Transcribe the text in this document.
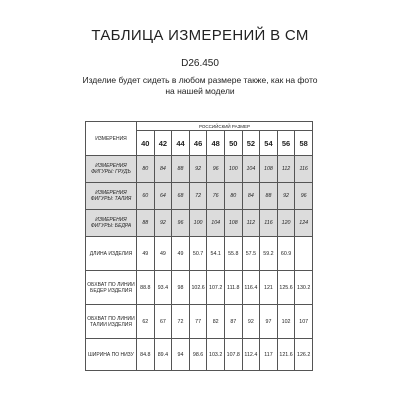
ТАБЛИЦА ИЗМЕРЕНИЙ В СМ
D26.450
Изделие будет сидеть в любом размере также, как на фото на нашей модели
ИЗМЕРЕНИЯ	РОССИЙСКИЙ РАЗМЕР									
	40	42	44	46	48	50	52	54	56	58
ИЗМЕРЕНИЯ ФИГУРЫ: ГРУДЬ	80	84	88	92	96	100	104	108	112	116
ИЗМЕРЕНИЯ ФИГУРЫ: ТАЛИЯ	60	64	68	72	76	80	84	88	92	96
ИЗМЕРЕНИЯ ФИГУРЫ: БЕДРА	88	92	96	100	104	108	112	116	120	124
ДЛИНА ИЗДЕЛИЯ	49	49	49	50.7	54.1	55.8	57.5	59.2	60.9	
ОБХВАТ ПО ЛИНИИ БЕДЕР ИЗДЕЛИЯ	88.8	93.4	98	102.6	107.2	111.8	116.4	121	125.6	130.2
ОБХВАТ ПО ЛИНИИ ТАЛИИ ИЗДЕЛИЯ	62	67	72	77	82	87	92	97	102	107
ШИРИНА ПО НИЗУ	84.8	89.4	94	98.6	103.2	107.8	112.4	117	121.6	126.2
